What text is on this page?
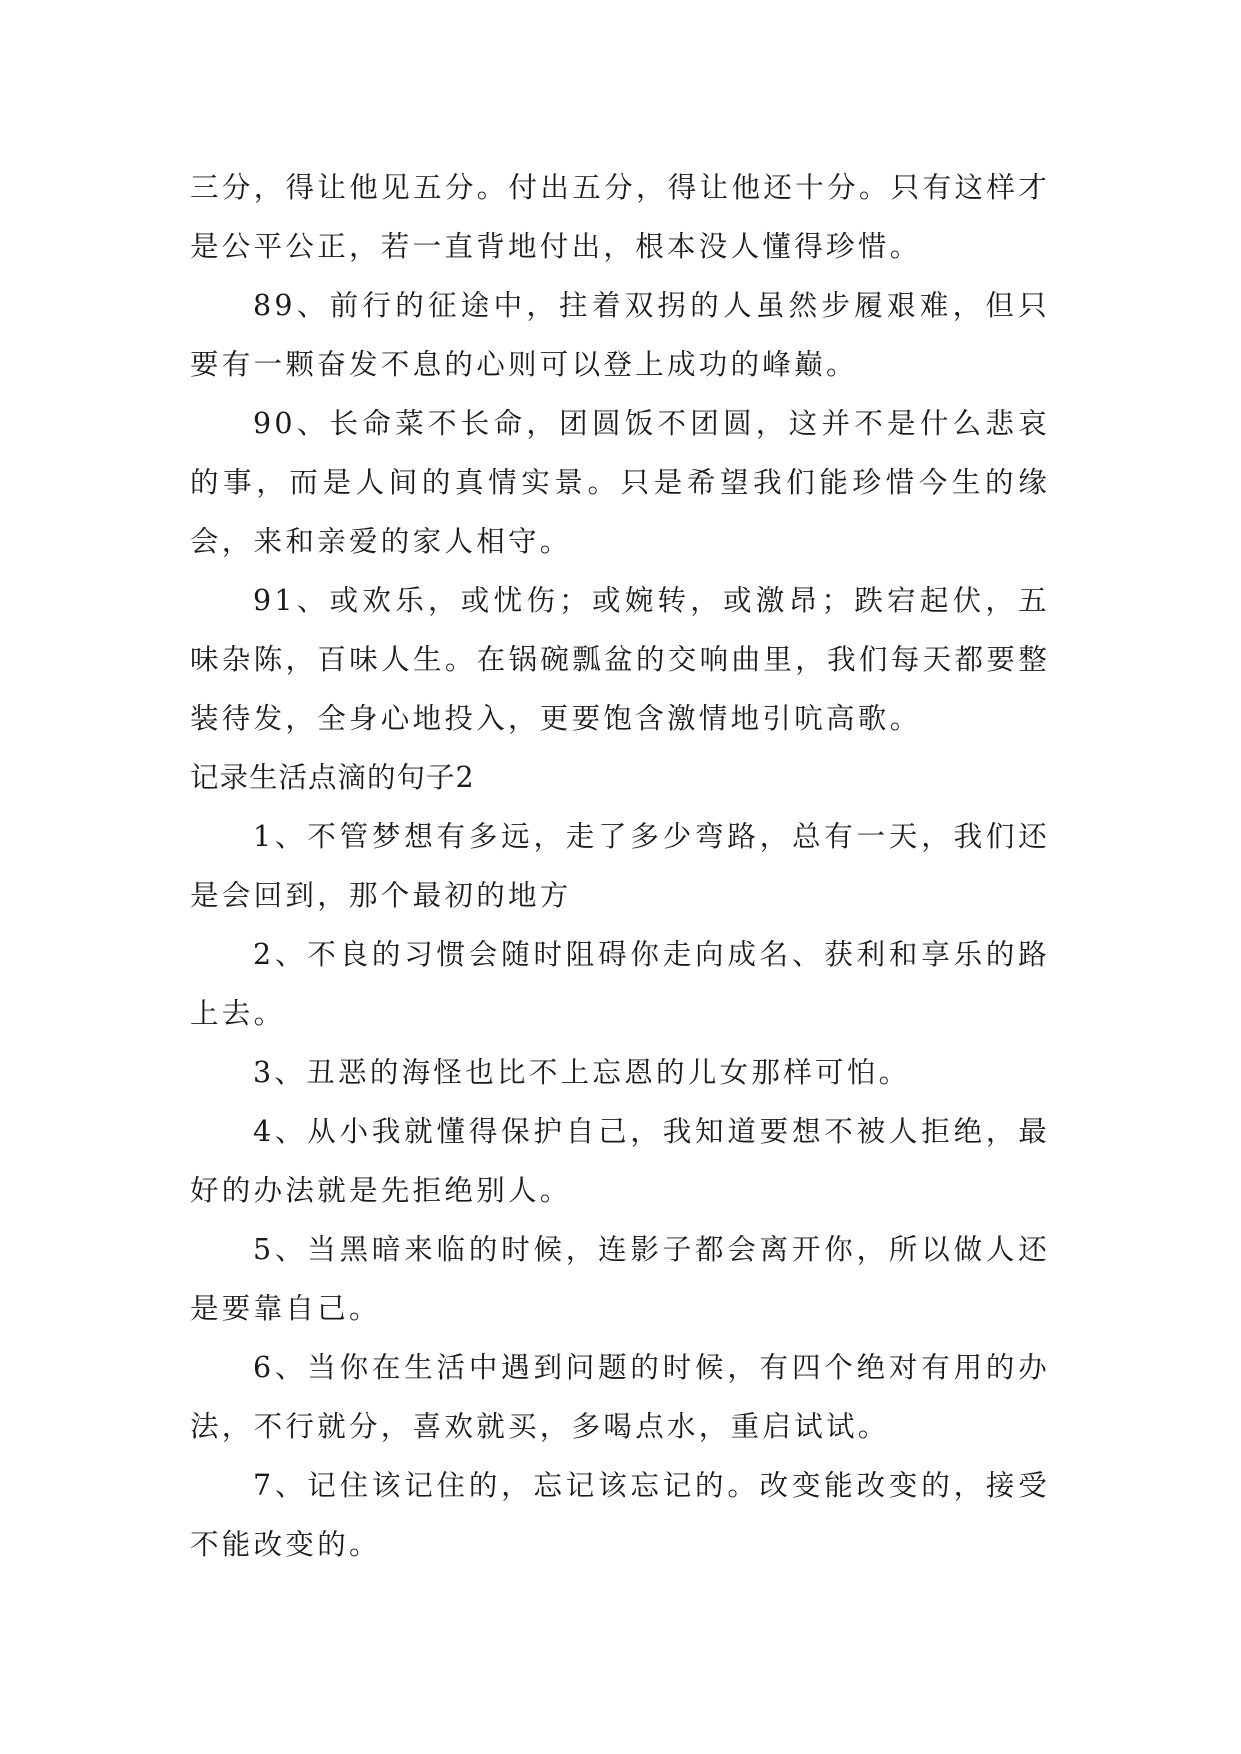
三分，得让他见五分。付出五分，得让他还十分。只有这样才是公平公正，若一直背地付出，根本没人懂得珍惜。

89、前行的征途中，拄着双拐的人虽然步履艰难，但只要有一颗奋发不息的心则可以登上成功的峰巅。

90、长命菜不长命，团圆饭不团圆，这并不是什么悲哀的事，而是人间的真情实景。只是希望我们能珍惜今生的缘会，来和亲爱的家人相守。

91、或欢乐，或忧伤；或婉转，或激昂；跌宕起伏，五味杂陈，百味人生。在锅碗瓢盆的交响曲里，我们每天都要整装待发，全身心地投入，更要饱含激情地引吭高歌。

记录生活点滴的句子2

1、不管梦想有多远，走了多少弯路，总有一天，我们还是会回到，那个最初的地方

2、不良的习惯会随时阻碍你走向成名、获利和享乐的路上去。

3、丑恶的海怪也比不上忘恩的儿女那样可怕。

4、从小我就懂得保护自己，我知道要想不被人拒绝，最好的办法就是先拒绝别人。

5、当黑暗来临的时候，连影子都会离开你，所以做人还是要靠自己。

6、当你在生活中遇到问题的时候，有四个绝对有用的办法，不行就分，喜欢就买，多喝点水，重启试试。

7、记住该记住的，忘记该忘记的。改变能改变的，接受不能改变的。
